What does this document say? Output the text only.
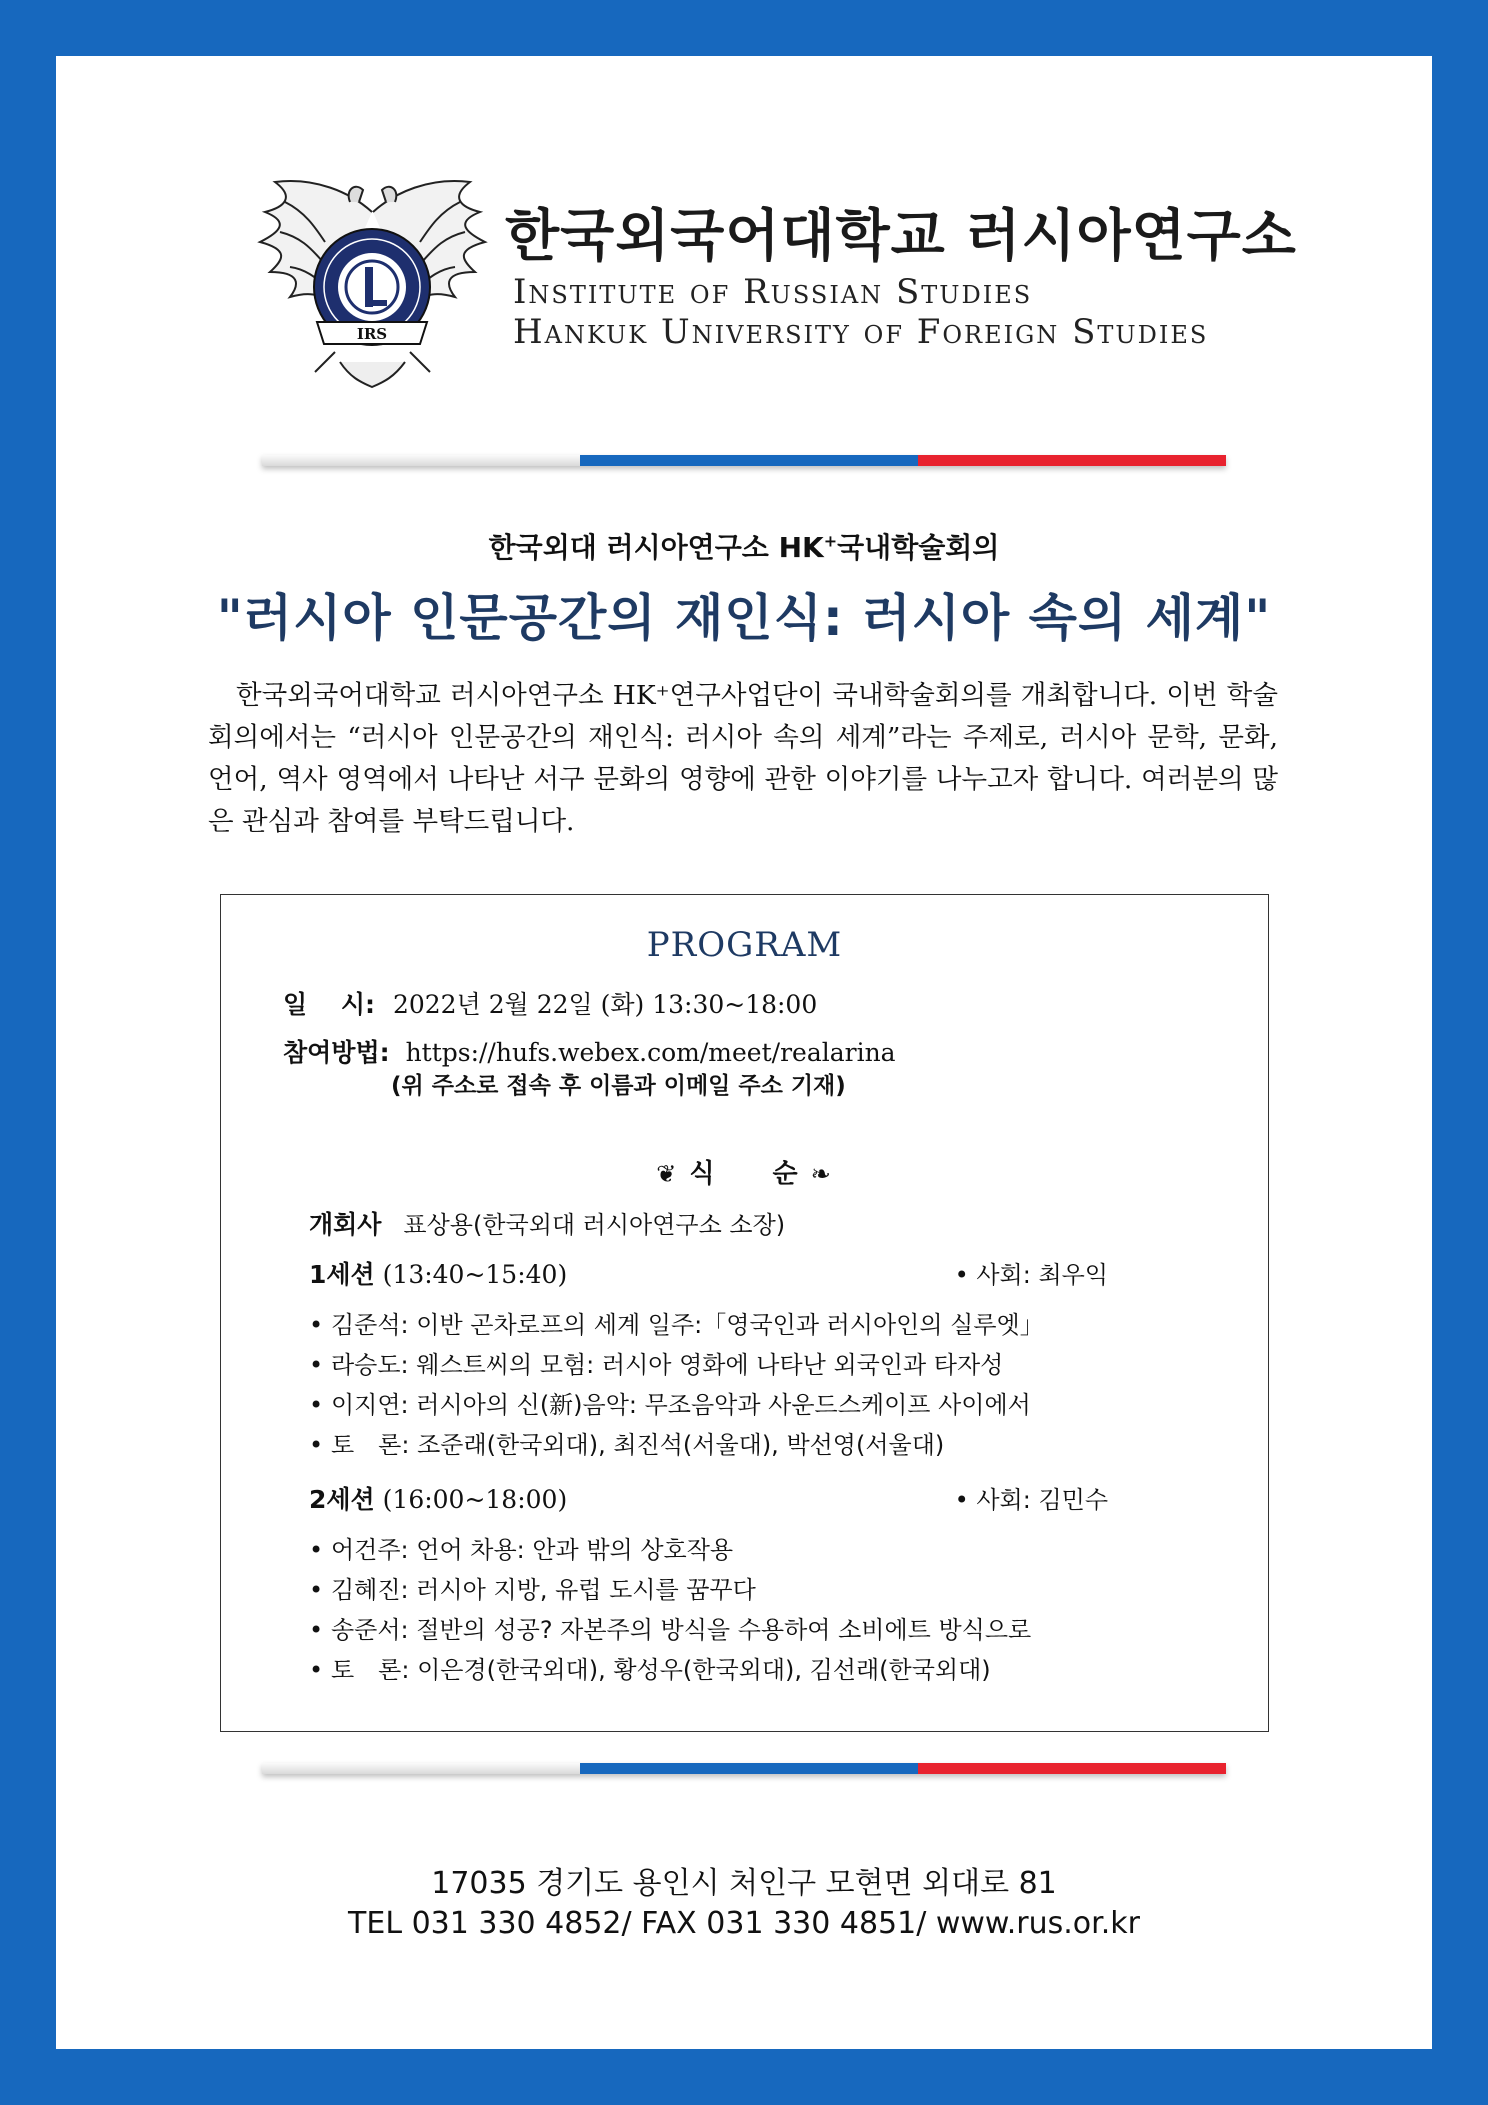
IRS
한국외국어대학교 러시아연구소
Institute of Russian Studies
Hankuk University of Foreign Studies
한국외대 러시아연구소 HK+국내학술회의
"러시아 인문공간의 재인식: 러시아 속의 세계"
한국외국어대학교 러시아연구소 HK⁺연구사업단이 국내학술회의를 개최합니다. 이번 학술회의에서는 “러시아 인문공간의 재인식: 러시아 속의 세계”라는 주제로, 러시아 문학, 문화, 언어, 역사 영역에서 나타난 서구 문화의 영향에 관한 이야기를 나누고자 합니다. 여러분의 많은 관심과 참여를 부탁드립니다.
PROGRAM
일　 시: 2022년 2월 22일 (화) 13:30~18:00
참여방법: https://hufs.webex.com/meet/realarina
(위 주소로 접속 후 이름과 이메일 주소 기재)
❦ 식　　순 ❧
개회사 표상용(한국외대 러시아연구소 소장)
1세션 (13:40~15:40)	• 사회: 최우익
• 김준석: 이반 곤차로프의 세계 일주:「영국인과 러시아인의 실루엣」
• 라승도: 웨스트씨의 모험: 러시아 영화에 나타난 외국인과 타자성
• 이지연: 러시아의 신(新)음악: 무조음악과 사운드스케이프 사이에서
• 토　론: 조준래(한국외대), 최진석(서울대), 박선영(서울대)
2세션 (16:00~18:00)	• 사회: 김민수
• 어건주: 언어 차용: 안과 밖의 상호작용
• 김혜진: 러시아 지방, 유럽 도시를 꿈꾸다
• 송준서: 절반의 성공? 자본주의 방식을 수용하여 소비에트 방식으로
• 토　론: 이은경(한국외대), 황성우(한국외대), 김선래(한국외대)
17035 경기도 용인시 처인구 모현면 외대로 81
TEL 031 330 4852/ FAX 031 330 4851/ www.rus.or.kr
